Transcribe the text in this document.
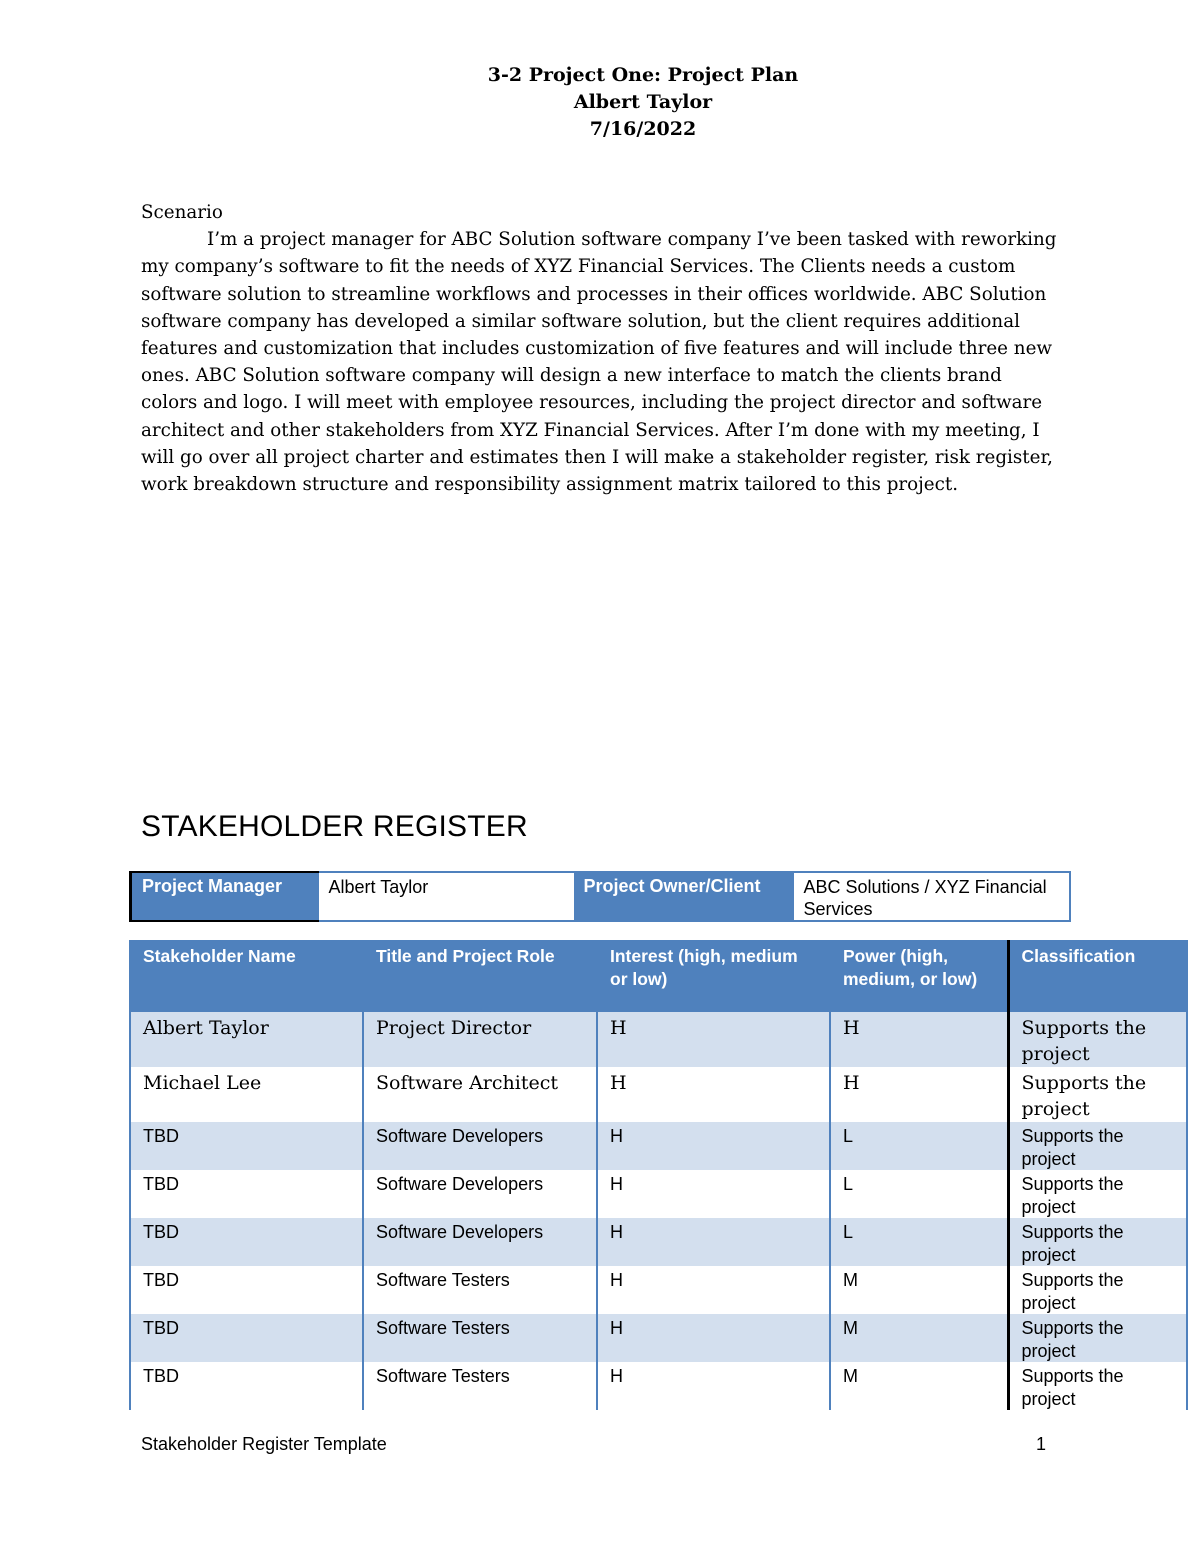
3-2 Project One: Project Plan
Albert Taylor
7/16/2022
Scenario
I’m a project manager for ABC Solution software company I’ve been tasked with reworking my company’s software to fit the needs of XYZ Financial Services. The Clients needs a custom software solution to streamline workflows and processes in their offices worldwide. ABC Solution software company has developed a similar software solution, but the client requires additional features and customization that includes customization of five features and will include three new ones. ABC Solution software company will design a new interface to match the clients brand colors and logo. I will meet with employee resources, including the project director and software architect and other stakeholders from XYZ Financial Services. After I’m done with my meeting, I will go over all project charter and estimates then I will make a stakeholder register, risk register, work breakdown structure and responsibility assignment matrix tailored to this project.
STAKEHOLDER REGISTER
Project Manager	Albert Taylor	Project Owner/Client	ABC Solutions / XYZ Financial Services
Stakeholder Name	Title and Project Role	Interest (high, medium or low)	Power (high, medium, or low)	Classification
Albert Taylor	Project Director	H	H	Supports the project
Michael Lee	Software Architect	H	H	Supports the project
TBD	Software Developers	H	L	Supports the project
TBD	Software Developers	H	L	Supports the project
TBD	Software Developers	H	L	Supports the project
TBD	Software Testers	H	M	Supports the project
TBD	Software Testers	H	M	Supports the project
TBD	Software Testers	H	M	Supports the project
Stakeholder Register Template	1
